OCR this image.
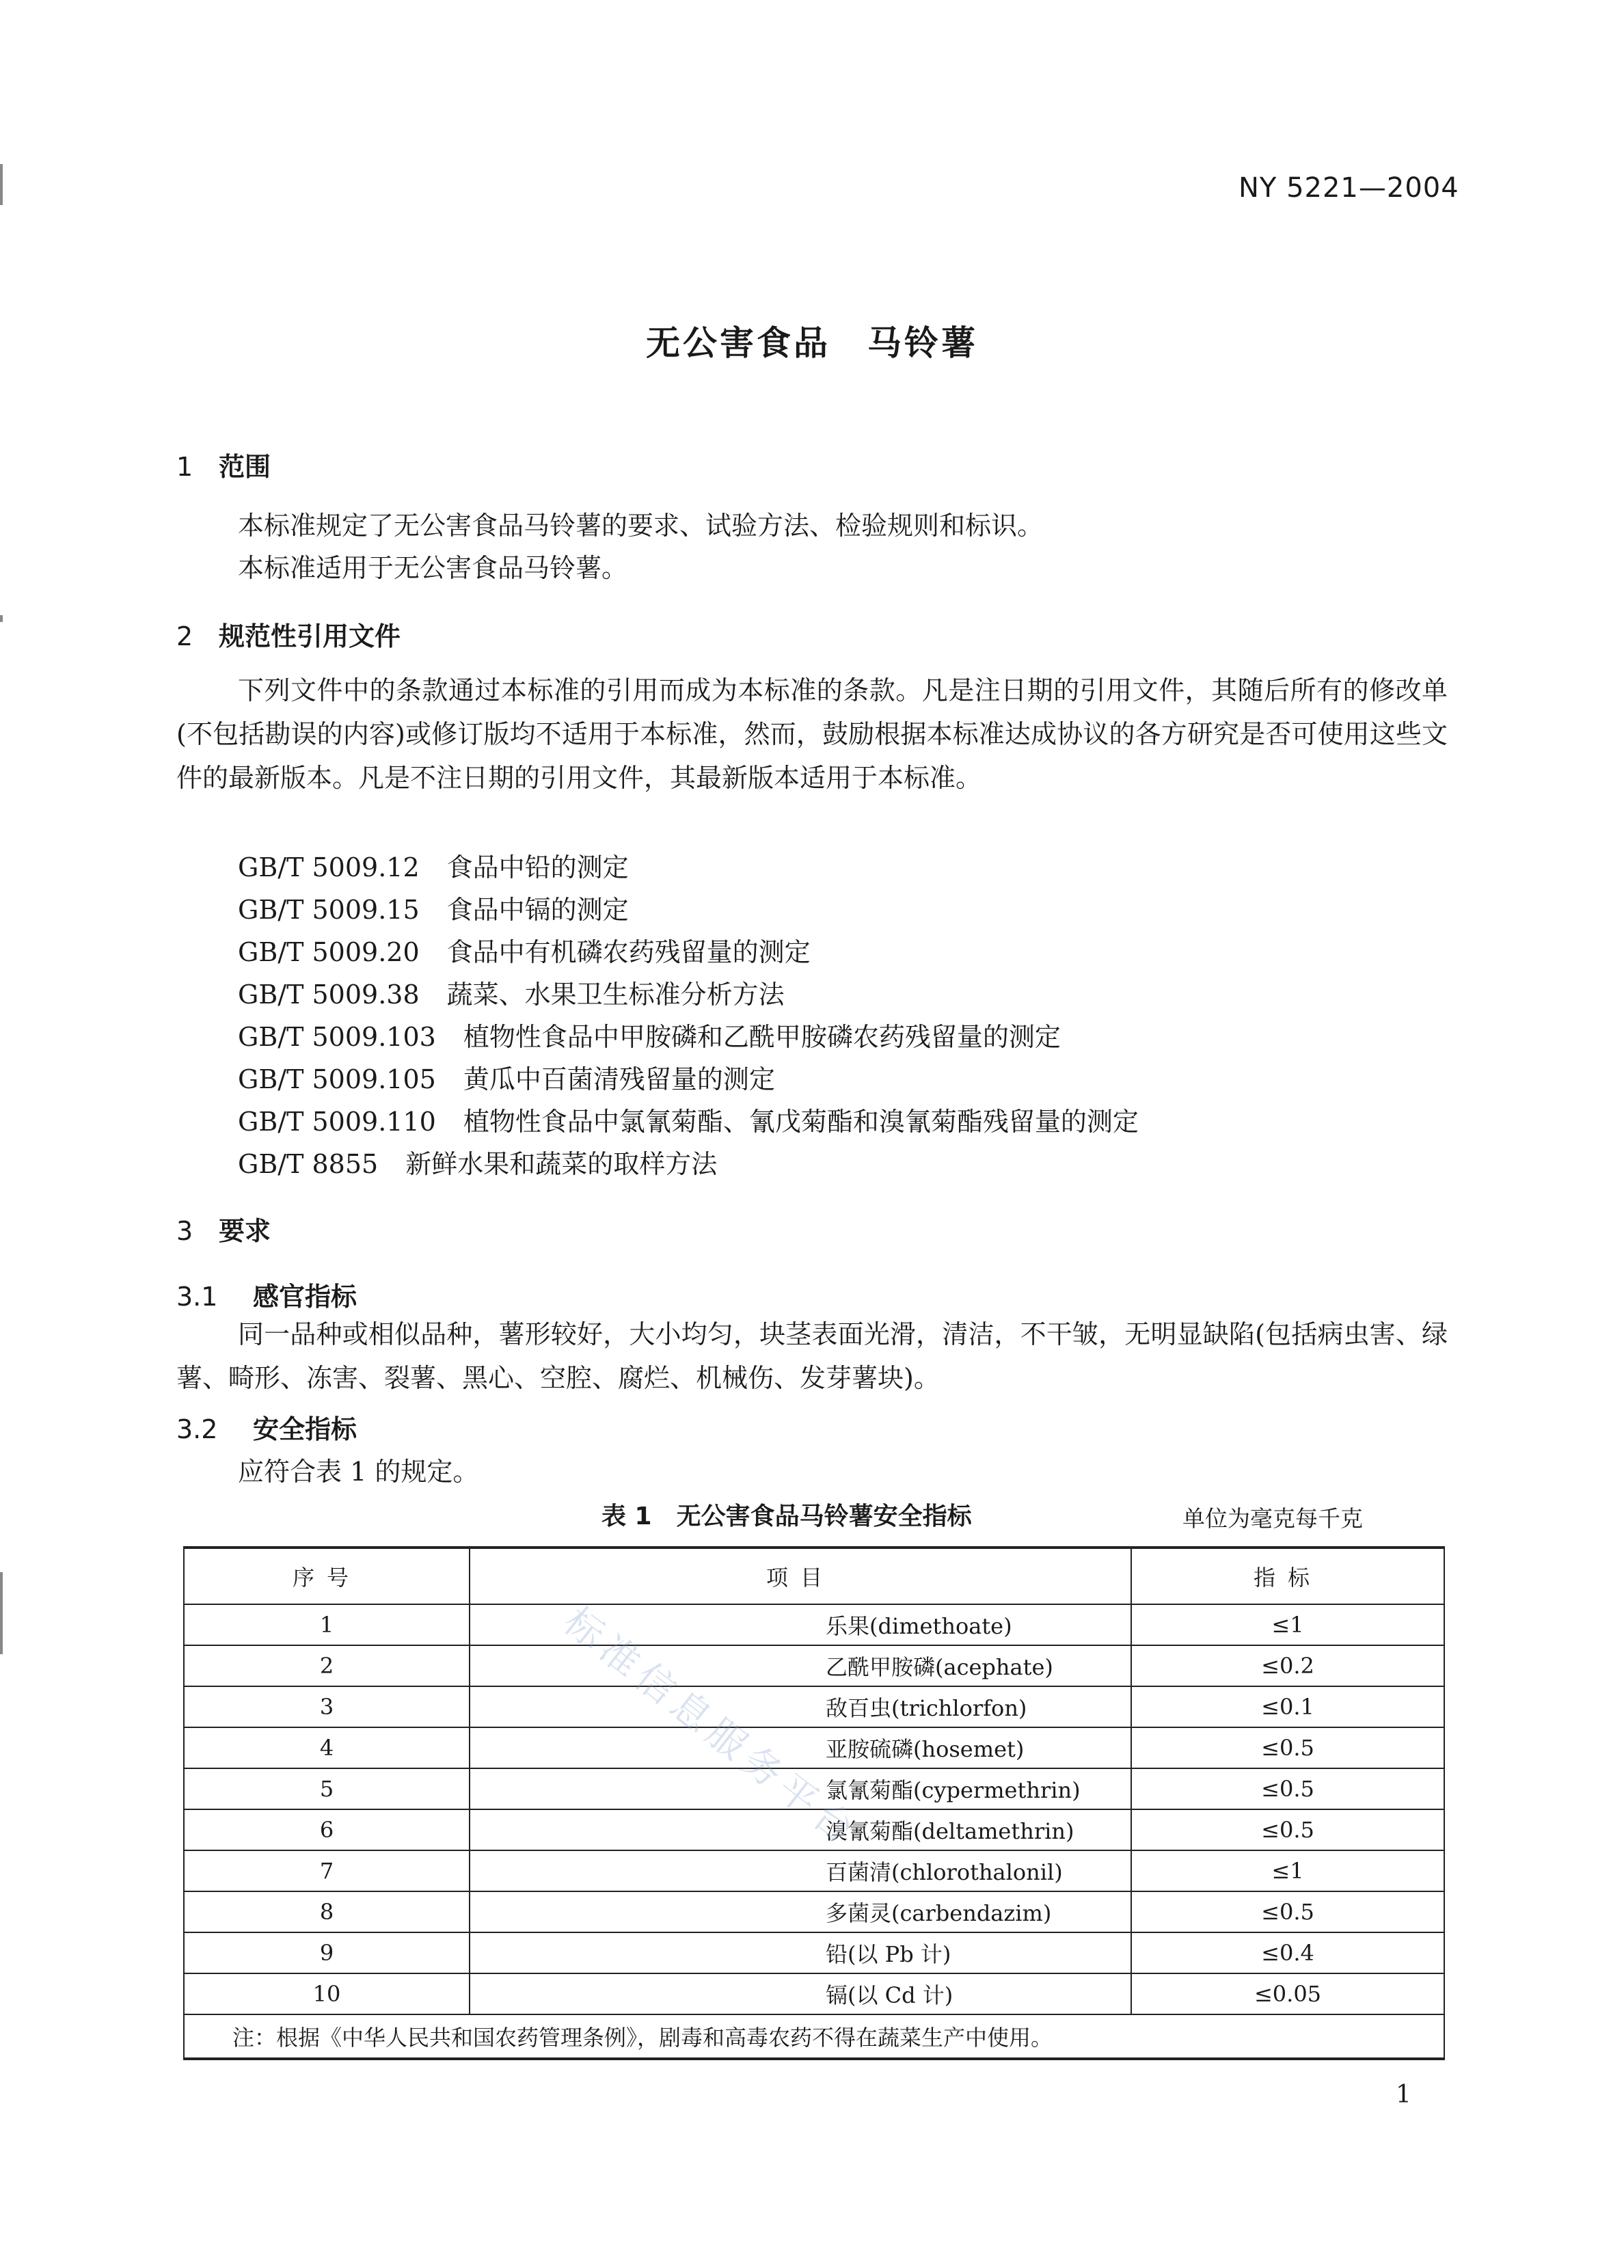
NY 5221—2004
无公害食品　马铃薯
1 范围
本标准规定了无公害食品马铃薯的要求、试验方法、检验规则和标识。
本标准适用于无公害食品马铃薯。
2 规范性引用文件
下列文件中的条款通过本标准的引用而成为本标准的条款。凡是注日期的引用文件，其随后所有的修改单(不包括勘误的内容)或修订版均不适用于本标准，然而，鼓励根据本标准达成协议的各方研究是否可使用这些文件的最新版本。凡是不注日期的引用文件，其最新版本适用于本标准。
GB/T 5009.12 食品中铅的测定
GB/T 5009.15 食品中镉的测定
GB/T 5009.20 食品中有机磷农药残留量的测定
GB/T 5009.38 蔬菜、水果卫生标准分析方法
GB/T 5009.103 植物性食品中甲胺磷和乙酰甲胺磷农药残留量的测定
GB/T 5009.105 黄瓜中百菌清残留量的测定
GB/T 5009.110 植物性食品中氯氰菊酯、氰戊菊酯和溴氰菊酯残留量的测定
GB/T 8855 新鲜水果和蔬菜的取样方法
3 要求
3.1 感官指标
同一品种或相似品种，薯形较好，大小均匀，块茎表面光滑，清洁，不干皱，无明显缺陷(包括病虫害、绿薯、畸形、冻害、裂薯、黑心、空腔、腐烂、机械伤、发芽薯块)。
3.2 安全指标
应符合表 1 的规定。
表 1　无公害食品马铃薯安全指标	单位为毫克每千克
序号	项目	指标
1	乐果(dimethoate)	≤1
2	乙酰甲胺磷(acephate)	≤0.2
3	敌百虫(trichlorfon)	≤0.1
4	亚胺硫磷(hosemet)	≤0.5
5	氯氰菊酯(cypermethrin)	≤0.5
6	溴氰菊酯(deltamethrin)	≤0.5
7	百菌清(chlorothalonil)	≤1
8	多菌灵(carbendazim)	≤0.5
9	铅(以 Pb 计)	≤0.4
10	镉(以 Cd 计)	≤0.05
注：根据《中华人民共和国农药管理条例》，剧毒和高毒农药不得在蔬菜生产中使用。		
标准信息服务平台
1
